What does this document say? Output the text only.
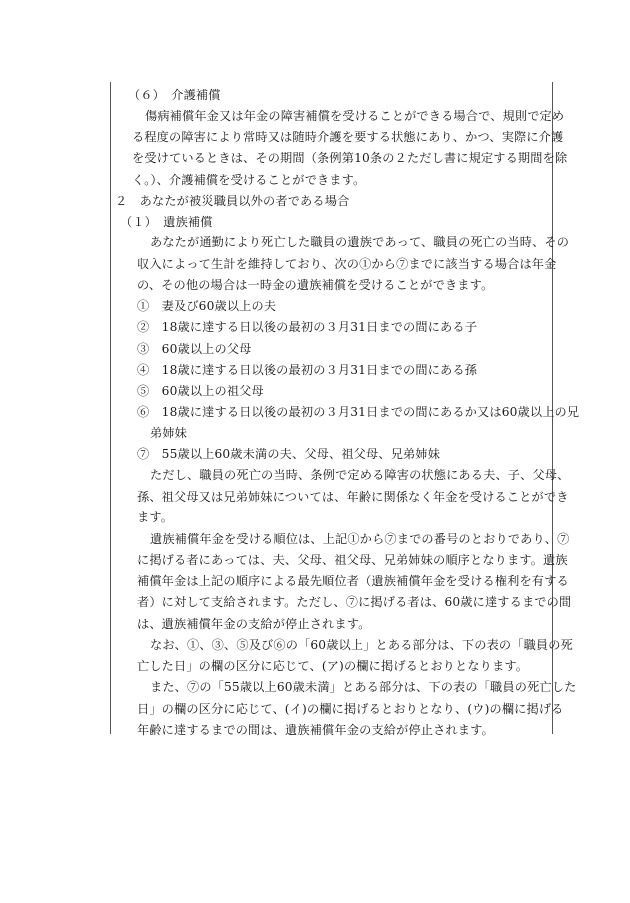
（６）　介護補償
傷病補償年金又は年金の障害補償を受けることができる場合で、規則で定め
る程度の障害により常時又は随時介護を要する状態にあり、かつ、実際に介護
を受けているときは、その期間（条例第10条の２ただし書に規定する期間を除
く。）、介護補償を受けることができます。
２　あなたが被災職員以外の者である場合
（１）　遺族補償
あなたが通勤により死亡した職員の遺族であって、職員の死亡の当時、その
収入によって生計を維持しており、次の①から⑦までに該当する場合は年金
の、その他の場合は一時金の遺族補償を受けることができます。
①　妻及び60歳以上の夫
②　18歳に達する日以後の最初の３月31日までの間にある子
③　60歳以上の父母
④　18歳に達する日以後の最初の３月31日までの間にある孫
⑤　60歳以上の祖父母
⑥　18歳に達する日以後の最初の３月31日までの間にあるか又は60歳以上の兄
弟姉妹
⑦　55歳以上60歳未満の夫、父母、祖父母、兄弟姉妹
ただし、職員の死亡の当時、条例で定める障害の状態にある夫、子、父母、
孫、祖父母又は兄弟姉妹については、年齢に関係なく年金を受けることができ
ます。
遺族補償年金を受ける順位は、上記①から⑦までの番号のとおりであり、⑦
に掲げる者にあっては、夫、父母、祖父母、兄弟姉妹の順序となります。遺族
補償年金は上記の順序による最先順位者（遺族補償年金を受ける権利を有する
者）に対して支給されます。ただし、⑦に掲げる者は、60歳に達するまでの間
は、遺族補償年金の支給が停止されます。
なお、①、③、⑤及び⑥の「60歳以上」とある部分は、下の表の「職員の死
亡した日」の欄の区分に応じて、(ア)の欄に掲げるとおりとなります。
また、⑦の「55歳以上60歳未満」とある部分は、下の表の「職員の死亡した
日」の欄の区分に応じて、(イ)の欄に掲げるとおりとなり、(ウ)の欄に掲げる
年齢に達するまでの間は、遺族補償年金の支給が停止されます。
